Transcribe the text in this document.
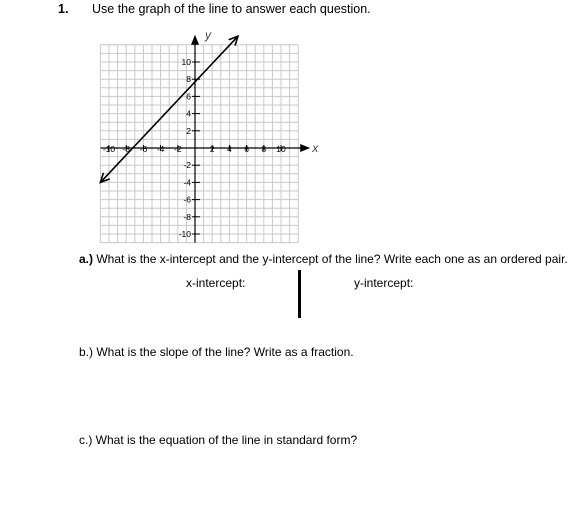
1. Use the graph of the line to answer each question.
x
y
-10 -8 -6 -4 -2	2 4 6 8 10
10
8
6
4
2
-2
-4
-6
-8
-10
a.) What is the x-intercept and the y-intercept of the line? Write each one as an ordered pair.
x-intercept:	y-intercept:
b.) What is the slope of the line? Write as a fraction.
c.) What is the equation of the line in standard form?
